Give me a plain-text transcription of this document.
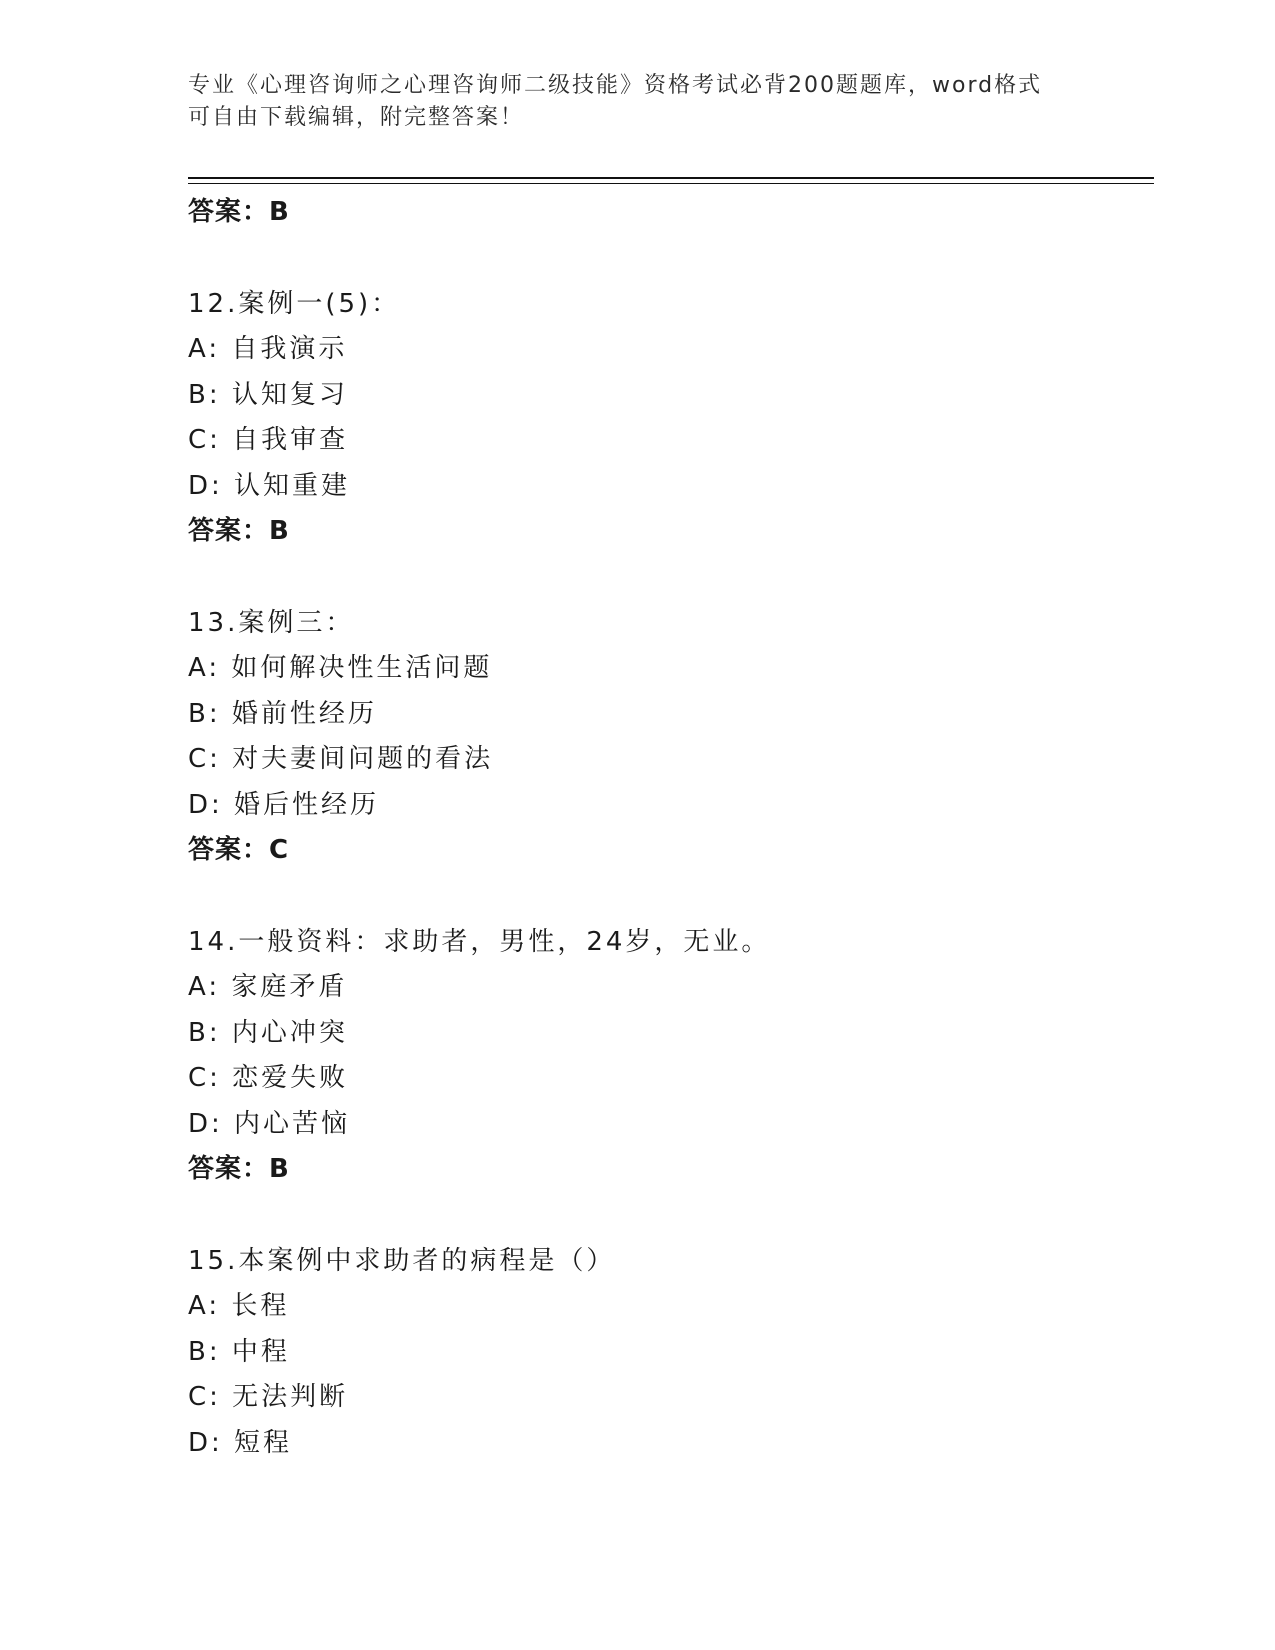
专业《心理咨询师之心理咨询师二级技能》资格考试必背200题题库，word格式
可自由下载编辑，附完整答案！
答案：B
12.案例一(5)：
A: 自我演示
B: 认知复习
C: 自我审查
D: 认知重建
答案：B
13.案例三：
A: 如何解决性生活问题
B: 婚前性经历
C: 对夫妻间问题的看法
D: 婚后性经历
答案：C
14.一般资料：求助者，男性，24岁，无业。
A: 家庭矛盾
B: 内心冲突
C: 恋爱失败
D: 内心苦恼
答案：B
15.本案例中求助者的病程是（）
A: 长程
B: 中程
C: 无法判断
D: 短程
